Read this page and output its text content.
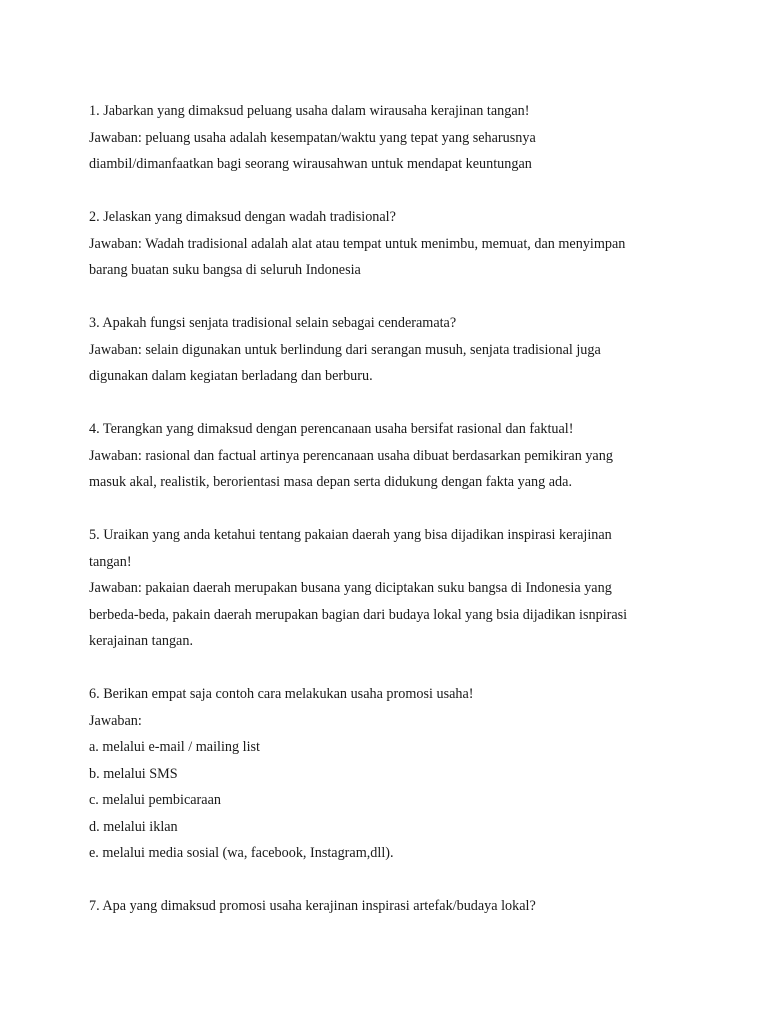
1. Jabarkan yang dimaksud peluang usaha dalam wirausaha kerajinan tangan!
Jawaban: peluang usaha adalah kesempatan/waktu yang tepat yang seharusnya
diambil/dimanfaatkan bagi seorang wirausahwan untuk mendapat keuntungan
2. Jelaskan yang dimaksud dengan wadah tradisional?
Jawaban: Wadah tradisional adalah alat atau tempat untuk menimbu, memuat, dan menyimpan
barang buatan suku bangsa di seluruh Indonesia
3. Apakah fungsi senjata tradisional selain sebagai cenderamata?
Jawaban: selain digunakan untuk berlindung dari serangan musuh, senjata tradisional juga
digunakan dalam kegiatan berladang dan berburu.
4. Terangkan yang dimaksud dengan perencanaan usaha bersifat rasional dan faktual!
Jawaban: rasional dan factual artinya perencanaan usaha dibuat berdasarkan pemikiran yang
masuk akal, realistik, berorientasi masa depan serta didukung dengan fakta yang ada.
5. Uraikan yang anda ketahui tentang pakaian daerah yang bisa dijadikan inspirasi kerajinan
tangan!
Jawaban: pakaian daerah merupakan busana yang diciptakan suku bangsa di Indonesia yang
berbeda-beda, pakain daerah merupakan bagian dari budaya lokal yang bsia dijadikan isnpirasi
kerajainan tangan.
6. Berikan empat saja contoh cara melakukan usaha promosi usaha!
Jawaban:
a. melalui e-mail / mailing list
b. melalui SMS
c. melalui pembicaraan
d. melalui iklan
e. melalui media sosial (wa, facebook, Instagram,dll).
7. Apa yang dimaksud promosi usaha kerajinan inspirasi artefak/budaya lokal?
